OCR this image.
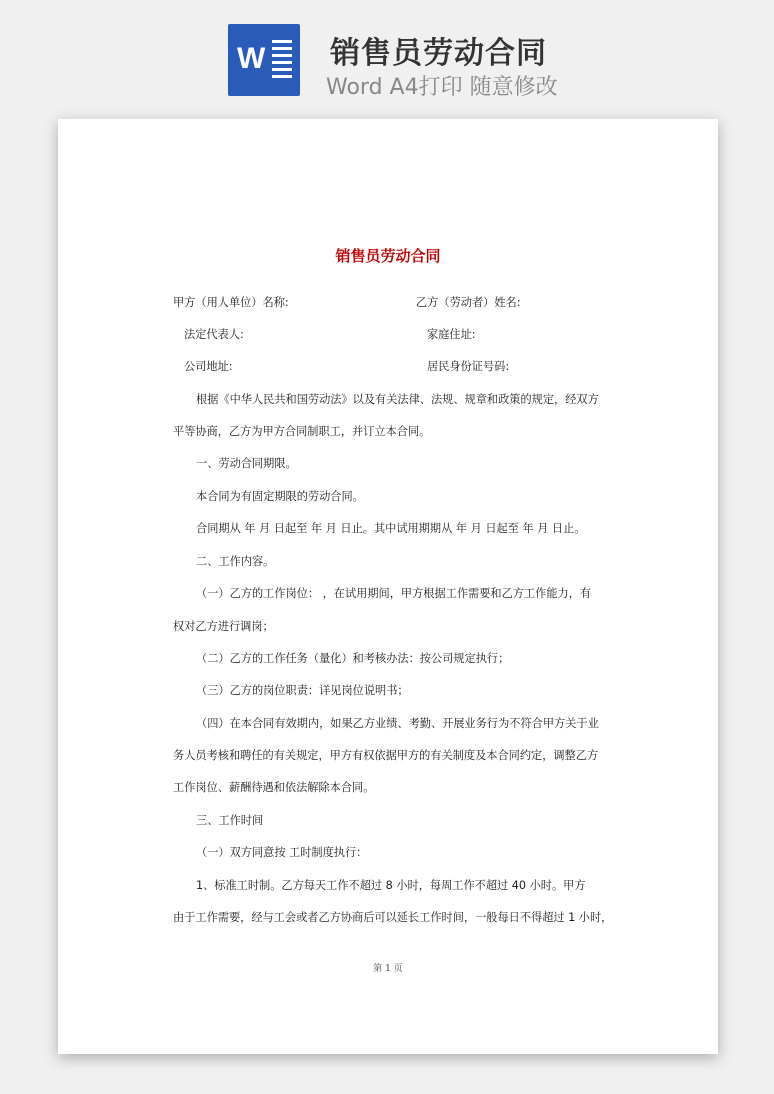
W 销售员劳动合同
Word A4打印 随意修改
销售员劳动合同
甲方（用人单位）名称:	乙方（劳动者）姓名:
法定代表人:	家庭住址:
公司地址:	居民身份证号码:
根据《中华人民共和国劳动法》以及有关法律、法规、规章和政策的规定，经双方
平等协商，乙方为甲方合同制职工，并订立本合同。
一、劳动合同期限。
本合同为有固定期限的劳动合同。
合同期从 年 月 日起至 年 月 日止。其中试用期期从 年 月 日起至 年 月 日止。
二、工作内容。
（一）乙方的工作岗位： ，在试用期间，甲方根据工作需要和乙方工作能力，有
权对乙方进行调岗；
（二）乙方的工作任务（量化）和考核办法：按公司规定执行；
（三）乙方的岗位职责：详见岗位说明书；
（四）在本合同有效期内，如果乙方业绩、考勤、开展业务行为不符合甲方关于业
务人员考核和聘任的有关规定，甲方有权依据甲方的有关制度及本合同约定，调整乙方
工作岗位、薪酬待遇和依法解除本合同。
三、工作时间
（一）双方同意按 工时制度执行：
1、标准工时制。乙方每天工作不超过 8 小时，每周工作不超过 40 小时。甲方
由于工作需要，经与工会或者乙方协商后可以延长工作时间，一般每日不得超过 1 小时，
第 1 页
